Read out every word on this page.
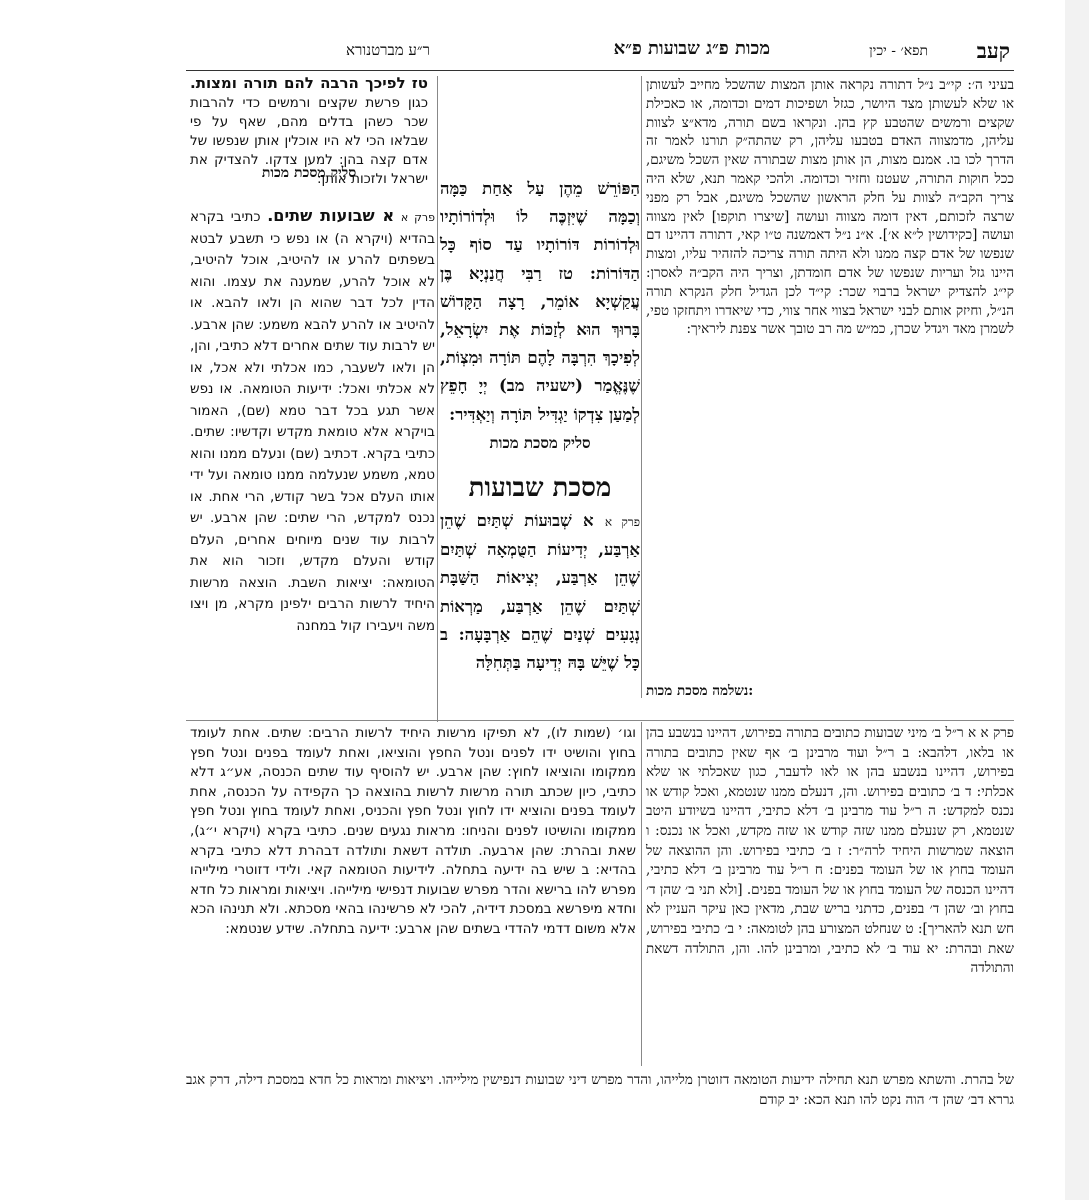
קעב
תפא׳ - יכין
מכות פ״ג שבועות פ״א
ר״ע מברטנורא

בעיני ה׳: קי״ב נ״ל דתורה נקראה אותן המצות שהשכל מחייב לעשותן או שלא לעשותן מצד היושר, כגזל ושפיכות דמים וכדומה, או כאכילת שקצים ורמשים שהטבע קץ בהן. ונקראו בשם תורה, מדא״צ לצוות עליהן, מדמצווה האדם בטבעו עליהן, רק שהתה״ק תורנו לאמר זה הדרך לכו בו. אמנם מצות, הן אותן מצות שבתורה שאין השכל משיגם, ככל חוקות התורה, שעטנז וחזיר וכדומה. ולהכי קאמר תנא, שלא היה צריך הקב״ה לצוות על חלק הראשון שהשכל משיגם, אבל רק מפני שרצה לזכותם, דאין דומה מצווה ועושה [שיצרו תוקפו] לאין מצווה ועושה [כקידושין ל״א א׳]. א״נ נ״ל דאמשנה ט״ו קאי, דתורה דהיינו דם שנפשו של אדם קצה ממנו ולא היתה תורה צריכה להזהיר עליו, ומצות היינו גזל ועריות שנפשו של אדם חומדתן, וצריך היה הקב״ה לאסרן: קי״ג להצדיק ישראל ברבוי שכר: קי״ד לכן הגדיל חלק הנקרא תורה הנ״ל, וחיזק אותם לבני ישראל בצווי אחר צווי, כדי שיאדרו ויתחזקו טפי, לשמרן מאד ויגדל שכרן, כמ״ש מה רב טובך אשר צפנת ליראיך:

נשלמה מסכת מכות:

טז לפיכך הרבה להם תורה ומצות. כגון פרשת שקצים ורמשים כדי להרבות שכר כשהן בדלים מהם, שאף על פי שבלאו הכי לא היו אוכלין אותן שנפשו של אדם קצה בהן: למען צדקו. להצדיק את ישראל ולזכות אותן:

סליק מסכת מכות

הַפּוֹרֵשׁ מֵהֶן עַל אַחַת כַּמָּה וְכַמָּה שֶׁיִּזְכֶּה לוֹ וּלְדוֹרוֹתָיו וּלְדוֹרוֹת דּוֹרוֹתָיו עַד סוֹף כָּל הַדּוֹרוֹת: טז רַבִּי חֲנַנְיָא בֶּן עֲקַשְׁיָא אוֹמֵר, רָצָה הַקָּדוֹשׁ בָּרוּךְ הוּא לְזַכּוֹת אֶת יִשְׂרָאֵל, לְפִיכָךְ הִרְבָּה לָהֶם תּוֹרָה וּמִצְוֹת, שֶׁנֶּאֱמַר (ישעיה מב) יְיָ חָפֵץ לְמַעַן צִדְקוֹ יַגְדִּיל תּוֹרָה וְיַאְדִּיר:

סליק מסכת מכות

מסכת שבועות

פרק א א שְׁבוּעוֹת שְׁתַּיִם שֶׁהֵן אַרְבַּע, יְדִיעוֹת הַטֻּמְאָה שְׁתַּיִם שֶׁהֵן אַרְבַּע, יְצִיאוֹת הַשַּׁבָּת שְׁתַּיִם שֶׁהֵן אַרְבַּע, מַרְאוֹת נְגָעִים שְׁנַיִם שֶׁהֵם אַרְבָּעָה: ב כָּל שֶׁיֵּשׁ בָּהּ יְדִיעָה בַּתְּחִלָּה

פרק א א שבועות שתים. כתיבי בקרא בהדיא (ויקרא ה) או נפש כי תשבע לבטא בשפתים להרע או להיטיב, אוכל להיטיב, לא אוכל להרע, שמענה את עצמו. והוא הדין לכל דבר שהוא הן ולאו להבא. או להיטיב או להרע להבא משמע: שהן ארבע. יש לרבות עוד שתים אחרים דלא כתיבי, והן, הן ולאו לשעבר, כמו אכלתי ולא אכל, או לא אכלתי ואכל: ידיעות הטומאה. או נפש אשר תגע בכל דבר טמא (שם), האמור בויקרא אלא טומאת מקדש וקדשיו: שתים. כתיבי בקרא. דכתיב (שם) ונעלם ממנו והוא טמא, משמע שנעלמה ממנו טומאה ועל ידי אותו העלם אכל בשר קודש, הרי אחת. או נכנס למקדש, הרי שתים: שהן ארבע. יש לרבות עוד שנים מיוחים אחרים, העלם קודש והעלם מקדש, וזכור הוא את הטומאה: יציאות השבת. הוצאה מרשות היחיד לרשות הרבים ילפינן מקרא, מן ויצו משה ויעבירו קול במחנה

וגו׳ (שמות לו), לא תפיקו מרשות היחיד לרשות הרבים: שתים. אחת לעומד בחוץ והושיט ידו לפנים ונטל החפץ והוציאו, ואחת לעומד בפנים ונטל חפץ ממקומו והוציאו לחוץ: שהן ארבע. יש להוסיף עוד שתים הכנסה, אע״ג דלא כתיבי, כיון שכתב תורה מרשות לרשות בהוצאה כך הקפידה על הכנסה, אחת לעומד בפנים והוציא ידו לחוץ ונטל חפץ והכניס, ואחת לעומד בחוץ ונטל חפץ ממקומו והושיטו לפנים והניחו: מראות נגעים שנים. כתיבי בקרא (ויקרא י״ג), שאת ובהרת: שהן ארבעה. תולדה דשאת ותולדה דבהרת דלא כתיבי בקרא בהדיא: ב שיש בה ידיעה בתחלה. לידיעות הטומאה קאי. ולידי דזוטרי מילייהו מפרש להו ברישא והדר מפרש שבועות דנפישי מילייהו. ויציאות ומראות כל חדא וחדא מיפרשא במסכת דידיה, להכי לא פרשינהו בהאי מסכתא. ולא תנינהו הכא אלא משום דדמי להדדי בשתים שהן ארבע: ידיעה בתחלה. שידע שנטמא:

פרק א א ר״ל ב׳ מיני שבועות כתובים בתורה בפירוש, דהיינו בנשבע בהן או בלאו, דלהבא: ב ר״ל ועוד מרבינן ב׳ אף שאין כתובים בתורה בפירוש, דהיינו בנשבע בהן או לאו לדעבר, כגון שאכלתי או שלא אכלתי: ד ב׳ כתובים בפירוש. והן, דנעלם ממנו שנטמא, ואכל קודש או נכנס למקדש: ה ר״ל עוד מרבינן ב׳ דלא כתיבי, דהיינו בשיודע היטב שנטמא, רק שנעלם ממנו שזה קודש או שזה מקדש, ואכל או נכנס: ו הוצאה שמרשות היחיד לרה״ר: ז ב׳ כתיבי בפירוש. והן ההוצאה של העומד בחוץ או של העומד בפנים: ח ר״ל עוד מרבינן ב׳ דלא כתיבי, דהיינו הכנסה של העומד בחוץ או של העומד בפנים. [ולא תני ב׳ שהן ד׳ בחוץ וב׳ שהן ד׳ בפנים, כדתני בריש שבת, מדאין כאן עיקר העניין לא חש תנא להאריך]: ט שנחלט המצורע בהן לטומאה: י ב׳ כתיבי בפירוש, שאת ובהרת: יא עוד ב׳ לא כתיבי, ומרבינן להו. והן, התולדה דשאת והתולדה

של בהרת. והשתא מפרש תנא תחילה ידיעות הטומאה דזוטרן מלייהו, והדר מפרש דיני שבועות דנפישין מילייהו. ויציאות ומראות כל חדא במסכת דילה, דרק אגב גררא דב׳ שהן ד׳ הוה נקט להו תנא הכא: יב קודם
